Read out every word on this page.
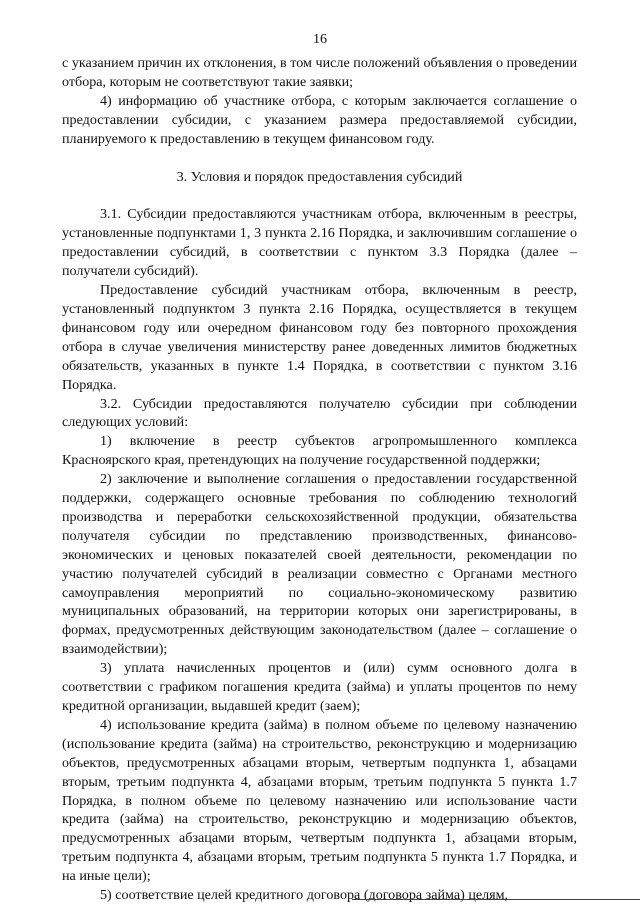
16

с указанием причин их отклонения, в том числе положений объявления о проведении отбора, которым не соответствуют такие заявки;

4) информацию об участнике отбора, с которым заключается соглашение о предоставлении субсидии, с указанием размера предоставляемой субсидии, планируемого к предоставлению в текущем финансовом году.

3. Условия и порядок предоставления субсидий

3.1. Субсидии предоставляются участникам отбора, включенным в реестры, установленные подпунктами 1, 3 пункта 2.16 Порядка, и заключившим соглашение о предоставлении субсидий, в соответствии с пунктом 3.3 Порядка (далее – получатели субсидий).

Предоставление субсидий участникам отбора, включенным в реестр, установленный подпунктом 3 пункта 2.16 Порядка, осуществляется в текущем финансовом году или очередном финансовом году без повторного прохождения отбора в случае увеличения министерству ранее доведенных лимитов бюджетных обязательств, указанных в пункте 1.4 Порядка, в соответствии с пунктом 3.16 Порядка.

3.2. Субсидии предоставляются получателю субсидии при соблюдении следующих условий:

1) включение в реестр субъектов агропромышленного комплекса Красноярского края, претендующих на получение государственной поддержки;

2) заключение и выполнение соглашения о предоставлении государственной поддержки, содержащего основные требования по соблюдению технологий производства и переработки сельскохозяйственной продукции, обязательства получателя субсидии по представлению производственных, финансово-экономических и ценовых показателей своей деятельности, рекомендации по участию получателей субсидий в реализации совместно с Органами местного самоуправления мероприятий по социально-экономическому развитию муниципальных образований, на территории которых они зарегистрированы, в формах, предусмотренных действующим законодательством (далее – соглашение о взаимодействии);

3) уплата начисленных процентов и (или) сумм основного долга в соответствии с графиком погашения кредита (займа) и уплаты процентов по нему кредитной организации, выдавшей кредит (заем);

4) использование кредита (займа) в полном объеме по целевому назначению (использование кредита (займа) на строительство, реконструкцию и модернизацию объектов, предусмотренных абзацами вторым, четвертым подпункта 1, абзацами вторым, третьим подпункта 4, абзацами вторым, третьим подпункта 5 пункта 1.7 Порядка, в полном объеме по целевому назначению или использование части кредита (займа) на строительство, реконструкцию и модернизацию объектов, предусмотренных абзацами вторым, четвертым подпункта 1, абзацами вторым, третьим подпункта 4, абзацами вторым, третьим подпункта 5 пункта 1.7 Порядка, и на иные цели);

5) соответствие целей кредитного договора (договора займа) целям,
